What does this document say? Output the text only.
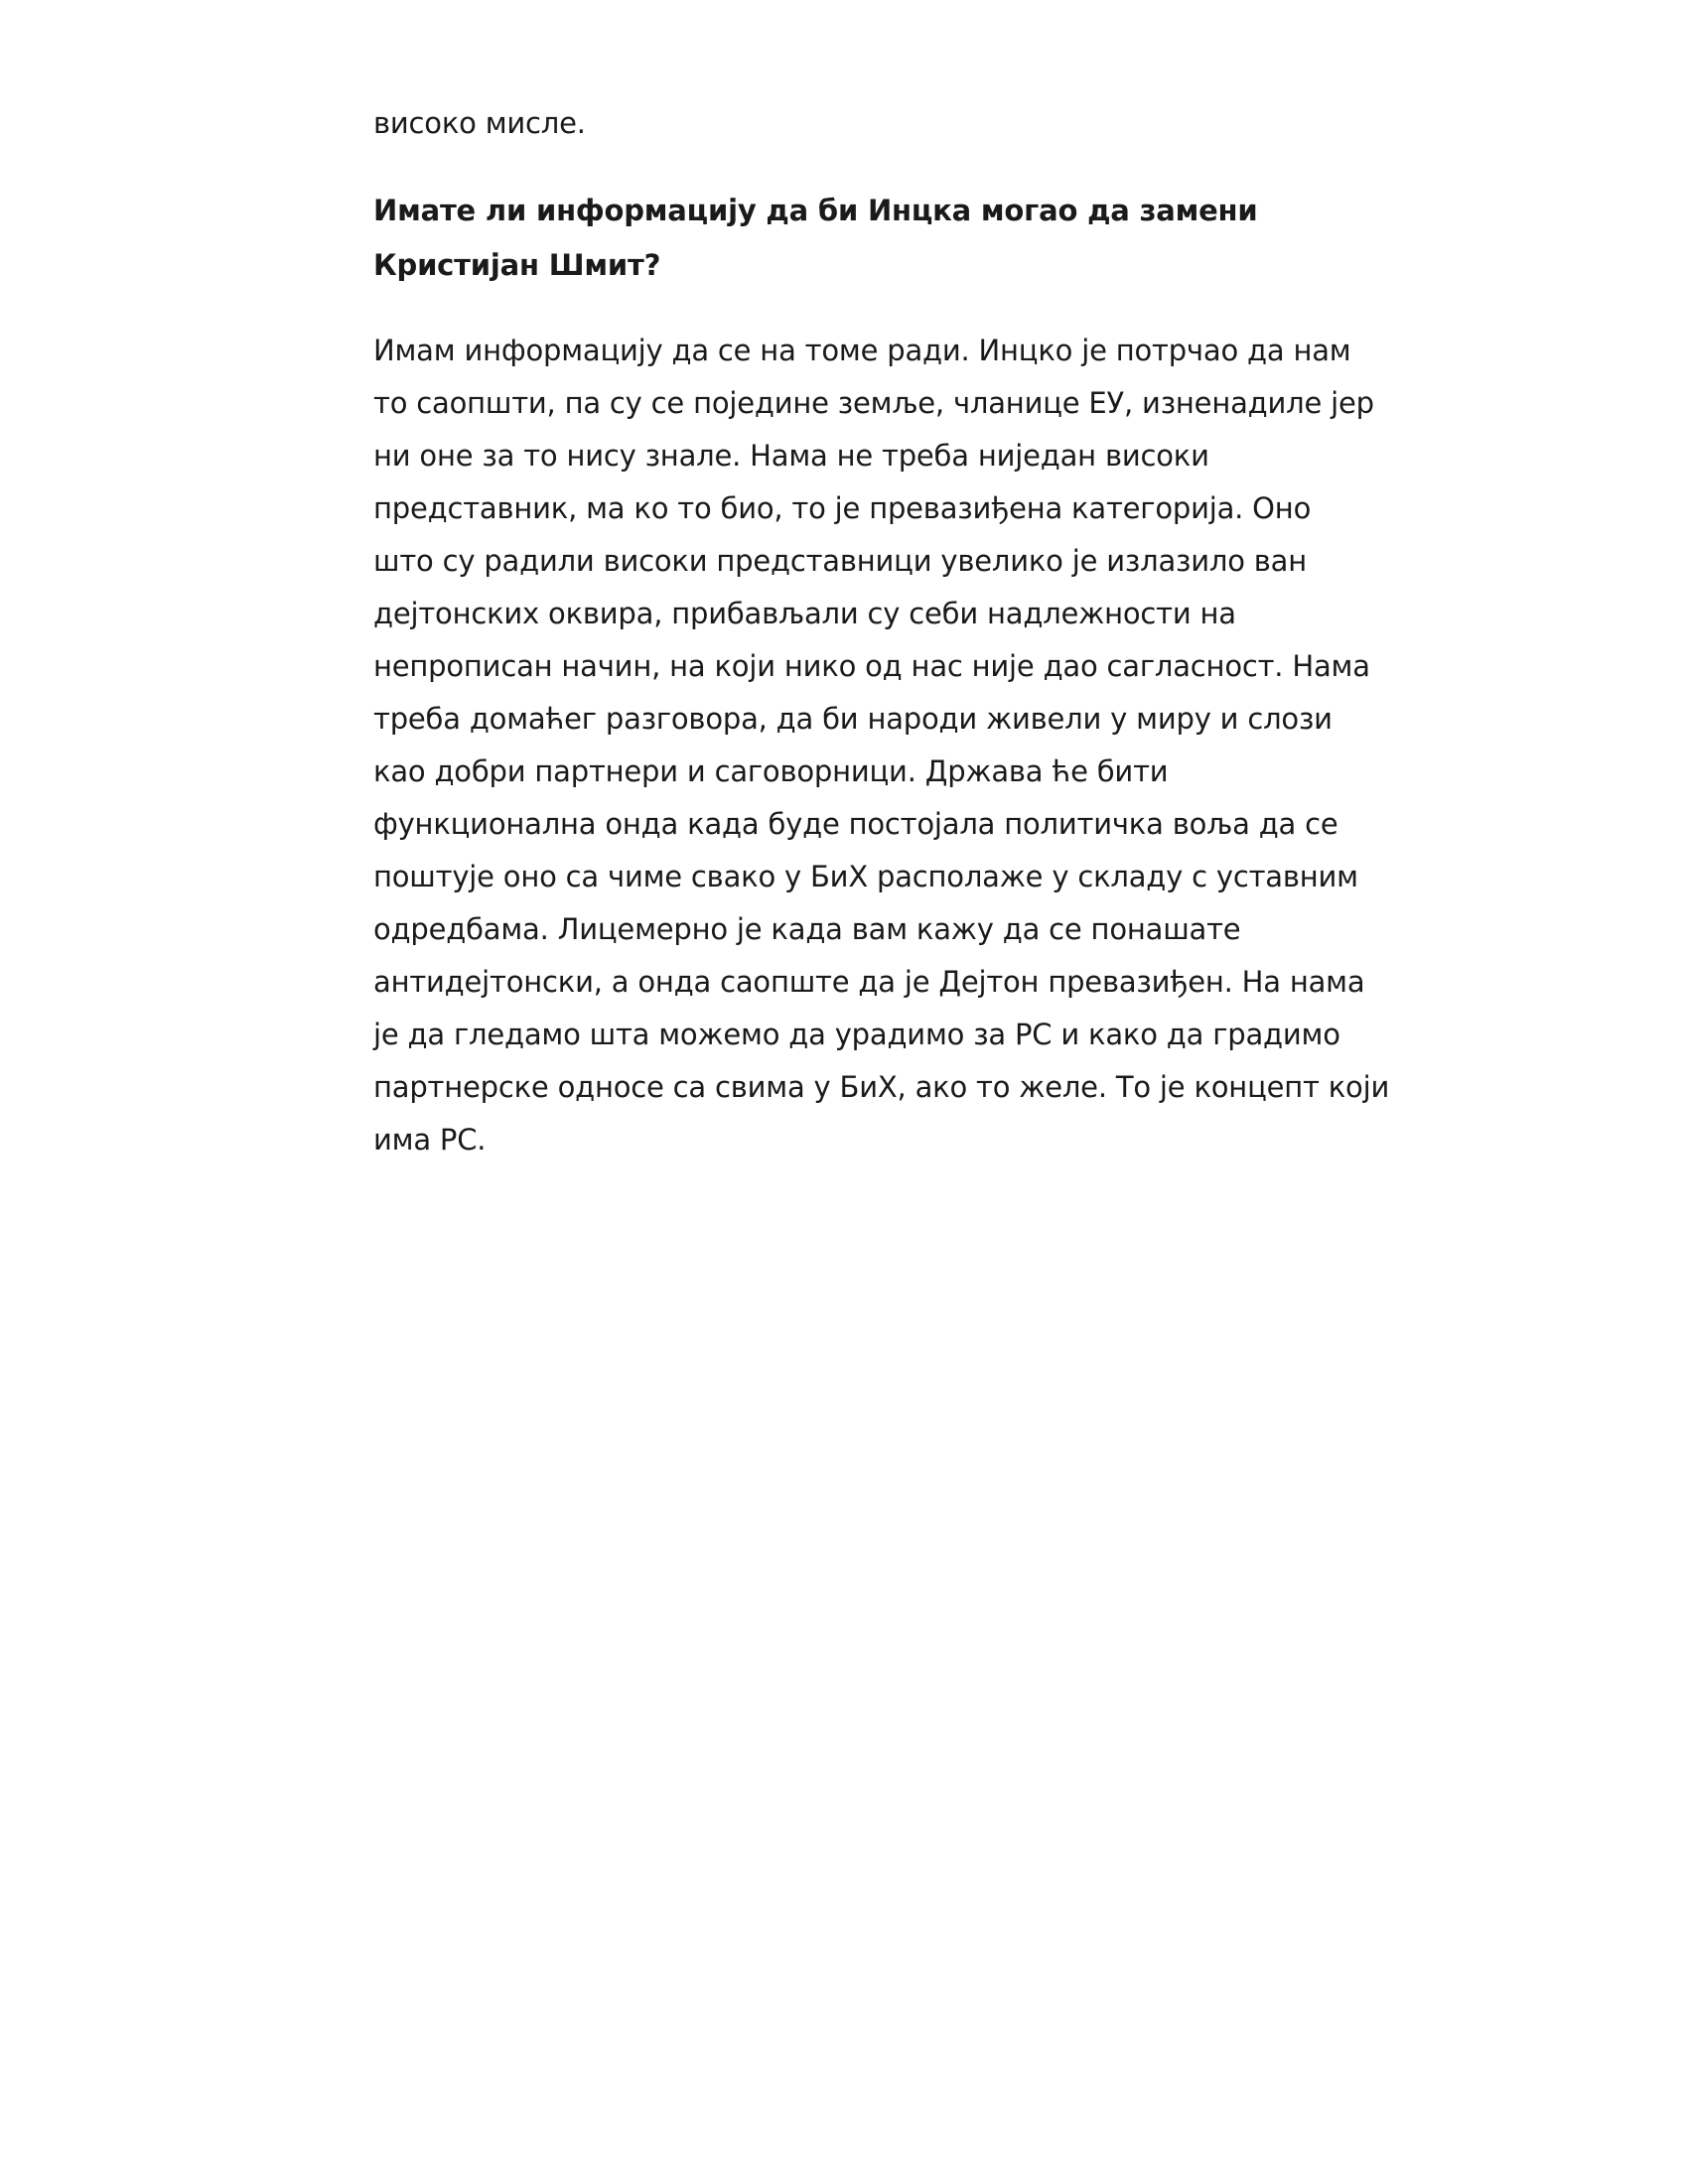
високо мисле.
Имате ли информацију да би Инцка могао да замени
Кристијан Шмит?
Имам информацију да се на томе ради. Инцко је потрчао да нам
то саопшти, па су се поједине земље, чланице ЕУ, изненадиле јер
ни оне за то нису знале. Нама не треба ниједан високи
представник, ма ко то био, то је превазиђена категорија. Оно
што су радили високи представници увелико је излазило ван
дејтонских оквира, прибављали су себи надлежности на
непрописан начин, на који нико од нас није дао сагласност. Нама
треба домаћег разговора, да би народи живели у миру и слози
као добри партнери и саговорници. Држава ће бити
функционална онда када буде постојала политичка воља да се
поштује оно са чиме свако у БиХ располаже у складу с уставним
одредбама. Лицемерно је када вам кажу да се понашате
антидејтонски, а онда саопште да је Дејтон превазиђен. На нама
је да гледамо шта можемо да урадимо за РС и како да градимо
партнерске односе са свима у БиХ, ако то желе. То је концепт који
има РС.
